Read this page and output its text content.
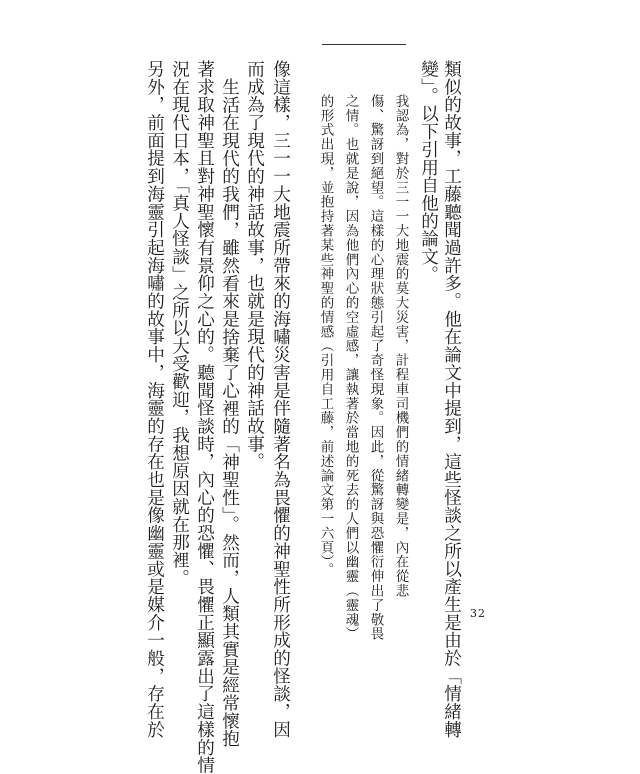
類似的故事，工藤聽聞過許多。他在論文中提到，這些怪談之所以產生是由於「情緒轉
變」。以下引用自他的論文。
我認為，對於三一一大地震的莫大災害，計程車司機們的情緒轉變是，內在從悲
傷、驚訝到絕望。這樣的心理狀態引起了奇怪現象。因此，從驚訝與恐懼衍伸出了敬畏
之情。也就是說，因為他們內心的空虛感，讓執著於當地的死去的人們以幽靈（靈魂）
的形式出現，並抱持著某些神聖的情感（引用自工藤，前述論文第一六頁）。
像這樣，三一一大地震所帶來的海嘯災害是伴隨著名為畏懼的神聖性所形成的怪談，因
而成為了現代的神話故事，也就是現代的神話故事。
生活在現代的我們，雖然看來是捨棄了心裡的「神聖性」。然而，人類其實是經常懷抱
著求取神聖且對神聖懷有景仰之心的。聽聞怪談時，內心的恐懼、畏懼正顯露出了這樣的情
況在現代日本，「真人怪談」之所以大受歡迎，我想原因就在那裡。
另外，前面提到海靈引起海嘯的故事中，海靈的存在也是像幽靈或是媒介一般，存在於	32
